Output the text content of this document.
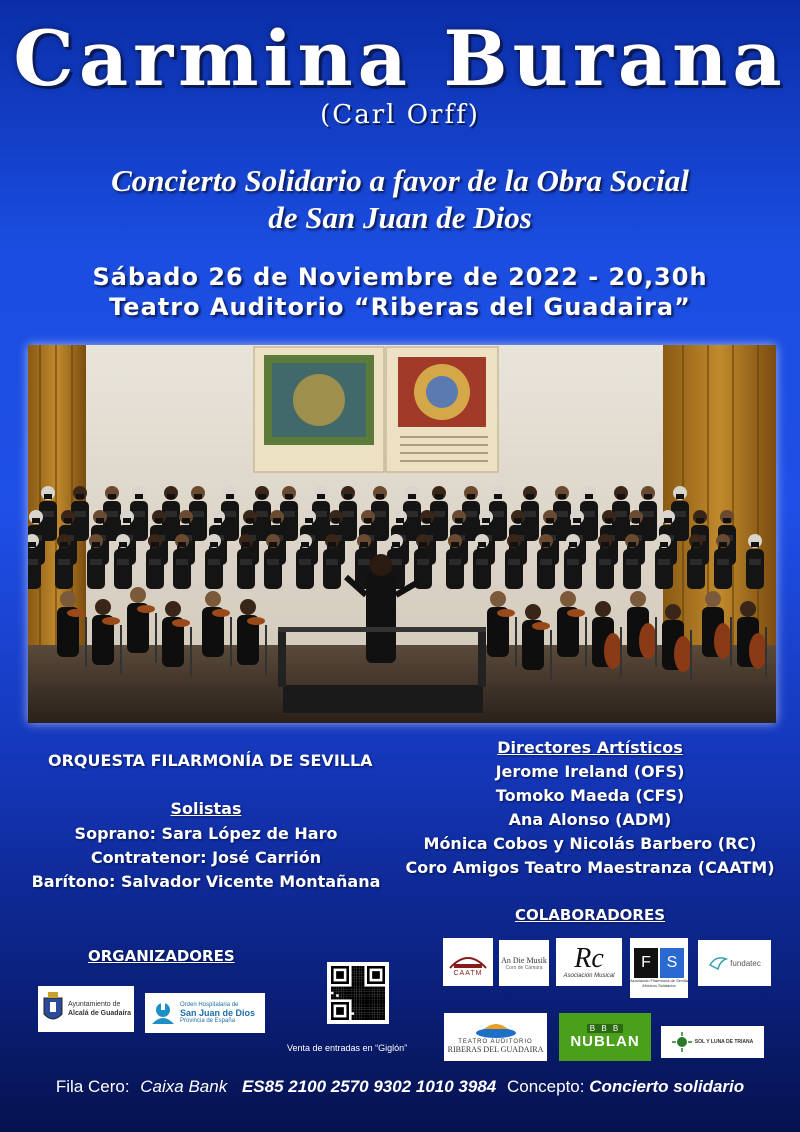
Carmina Burana
(Carl Orff)
Concierto Solidario a favor de la Obra Social
de San Juan de Dios
Sábado 26 de Noviembre de 2022 - 20,30h
Teatro Auditorio “Riberas del Guadaira”
ORQUESTA FILARMONÍA DE SEVILLA
Solistas
Soprano: Sara López de Haro
Contratenor: José Carrión
Barítono: Salvador Vicente Montañana
Directores Artísticos
Jerome Ireland (OFS)
Tomoko Maeda (CFS)
Ana Alonso (ADM)
Mónica Cobos y Nicolás Barbero (RC)
Coro Amigos Teatro Maestranza (CAATM)
COLABORADORES
ORGANIZADORES
Ayuntamiento de
Alcalá de Guadaíra
Orden Hospitalaria de
San Juan de Dios
Provincia de España
Venta de entradas en “Giglón”
CAATM
An Die Musik
Coro de Cámara Rc
Asociación Musical
F S
Asociación Filarmonía de Sevilla
Músicos Solidarios
fundatec
TEATRO AUDITORIO
RIBERAS DEL GUADAIRA
B B B
NUBLAN	SOL Y LUNA DE TRIANA
Fila Cero: Caixa Bank ES85 2100 2570 9302 1010 3984 Concepto: Concierto solidario
